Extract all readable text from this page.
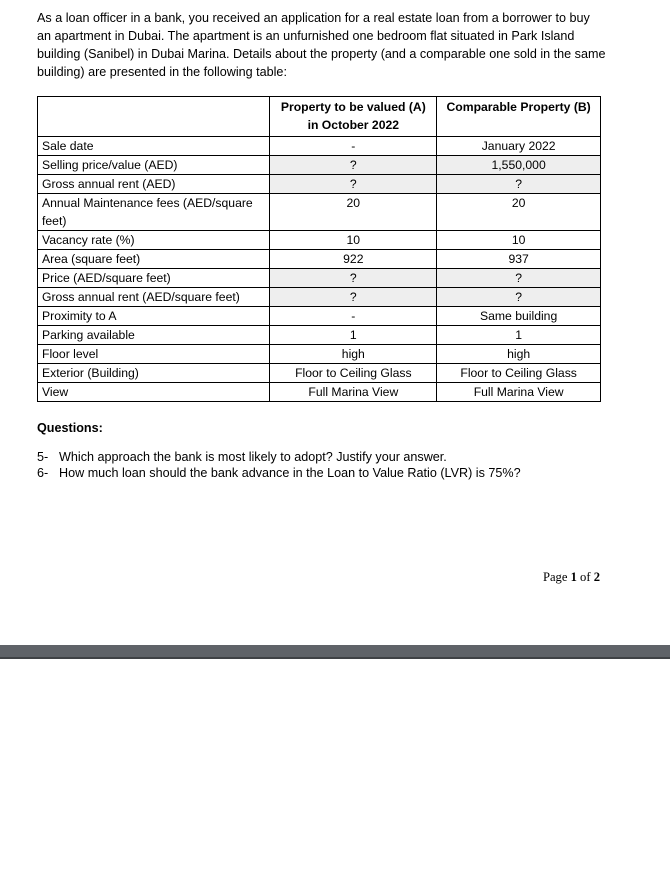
As a loan officer in a bank, you received an application for a real estate loan from a borrower to buy an apartment in Dubai. The apartment is an unfurnished one bedroom flat situated in Park Island building (Sanibel) in Dubai Marina. Details about the property (and a comparable one sold in the same building) are presented in the following table:

	Property to be valued (A) in October 2022	Comparable Property (B)
Sale date	-	January 2022
Selling price/value (AED)	?	1,550,000
Gross annual rent (AED)	?	?
Annual Maintenance fees (AED/square feet)	20	20
Vacancy rate (%)	10	10
Area (square feet)	922	937
Price (AED/square feet)	?	?
Gross annual rent (AED/square feet)	?	?
Proximity to A	-	Same building
Parking available	1	1
Floor level	high	high
Exterior (Building)	Floor to Ceiling Glass	Floor to Ceiling Glass
View	Full Marina View	Full Marina View

Questions:

5- Which approach the bank is most likely to adopt? Justify your answer.
6- How much loan should the bank advance in the Loan to Value Ratio (LVR) is 75%?
Page 1 of 2
